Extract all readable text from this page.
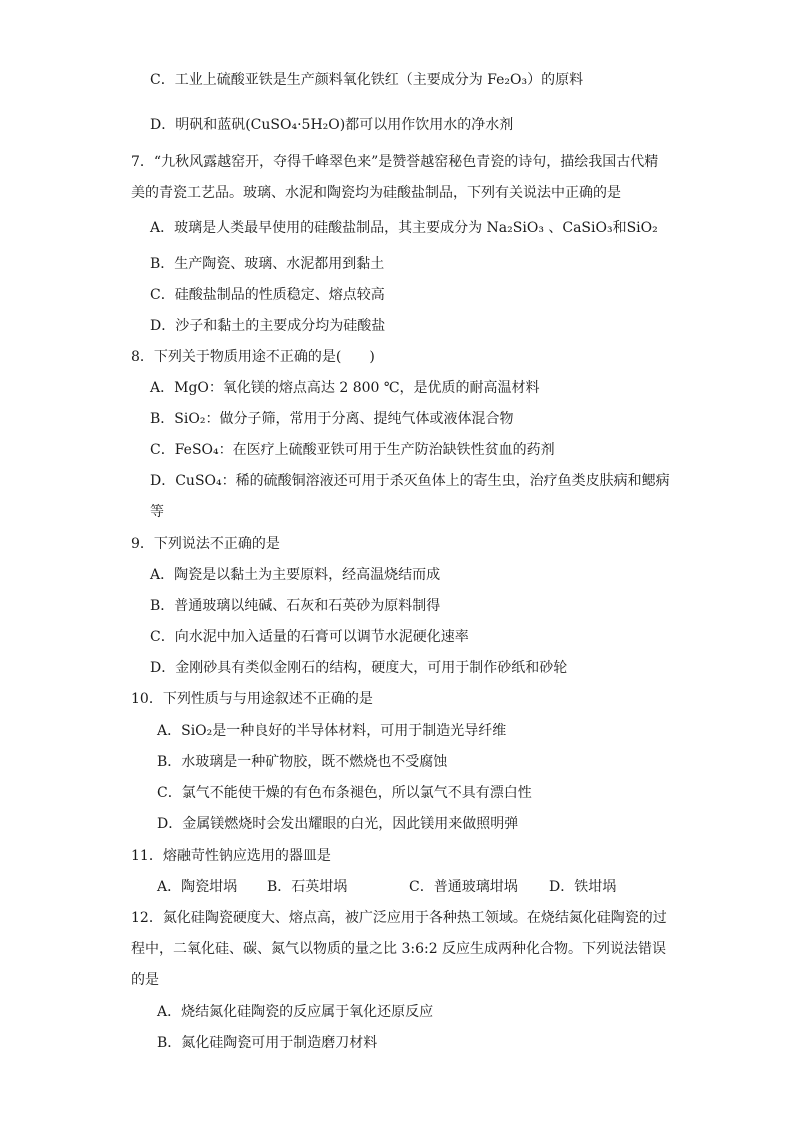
C．工业上硫酸亚铁是生产颜料氧化铁红（主要成分为 Fe₂O₃）的原料
D．明矾和蓝矾(CuSO₄·5H₂O)都可以用作饮用水的净水剂
7．“九秋风露越窑开，夺得千峰翠色来”是赞誉越窑秘色青瓷的诗句，描绘我国古代精
美的青瓷工艺品。玻璃、水泥和陶瓷均为硅酸盐制品，下列有关说法中正确的是
A．玻璃是人类最早使用的硅酸盐制品，其主要成分为 Na₂SiO₃ 、CaSiO₃和SiO₂
B．生产陶瓷、玻璃、水泥都用到黏土
C．硅酸盐制品的性质稳定、熔点较高
D．沙子和黏土的主要成分均为硅酸盐
8．下列关于物质用途不正确的是(　　)
A．MgO：氧化镁的熔点高达 2 800 ℃，是优质的耐高温材料
B．SiO₂：做分子筛，常用于分离、提纯气体或液体混合物
C．FeSO₄：在医疗上硫酸亚铁可用于生产防治缺铁性贫血的药剂
D．CuSO₄：稀的硫酸铜溶液还可用于杀灭鱼体上的寄生虫，治疗鱼类皮肤病和鳃病
等
9．下列说法不正确的是
A．陶瓷是以黏土为主要原料，经高温烧结而成
B．普通玻璃以纯碱、石灰和石英砂为原料制得
C．向水泥中加入适量的石膏可以调节水泥硬化速率
D．金刚砂具有类似金刚石的结构，硬度大，可用于制作砂纸和砂轮
10．下列性质与与用途叙述不正确的是
A．SiO₂是一种良好的半导体材料，可用于制造光导纤维
B．水玻璃是一种矿物胶，既不燃烧也不受腐蚀
C．氯气不能使干燥的有色布条褪色，所以氯气不具有漂白性
D．金属镁燃烧时会发出耀眼的白光，因此镁用来做照明弹
11．熔融苛性钠应选用的器皿是
A．陶瓷坩埚 B．石英坩埚	C．普通玻璃坩埚 D．铁坩埚
12．氮化硅陶瓷硬度大、熔点高，被广泛应用于各种热工领域。在烧结氮化硅陶瓷的过
程中，二氧化硅、碳、氮气以物质的量之比 3:6:2 反应生成两种化合物。下列说法错误
的是
A．烧结氮化硅陶瓷的反应属于氧化还原反应
B．氮化硅陶瓷可用于制造磨刀材料
